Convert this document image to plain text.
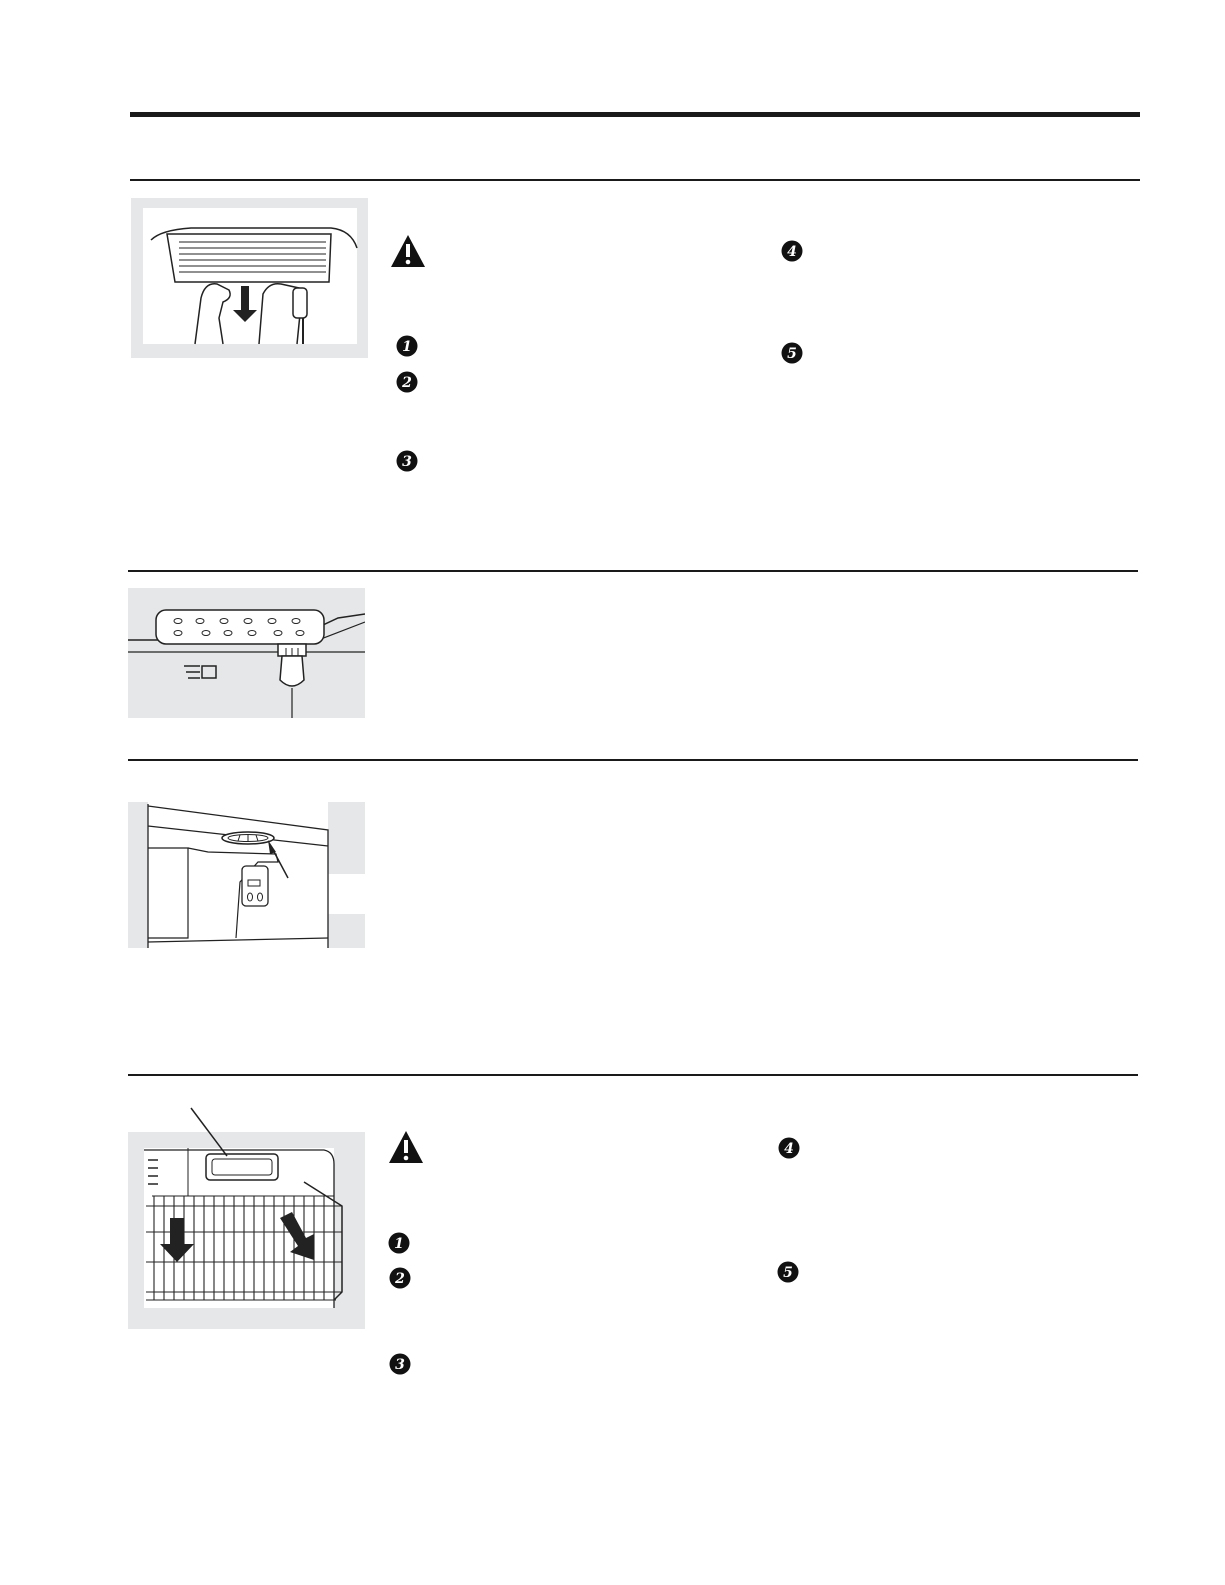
1
2
3
4
5
1
2
3
4
5
